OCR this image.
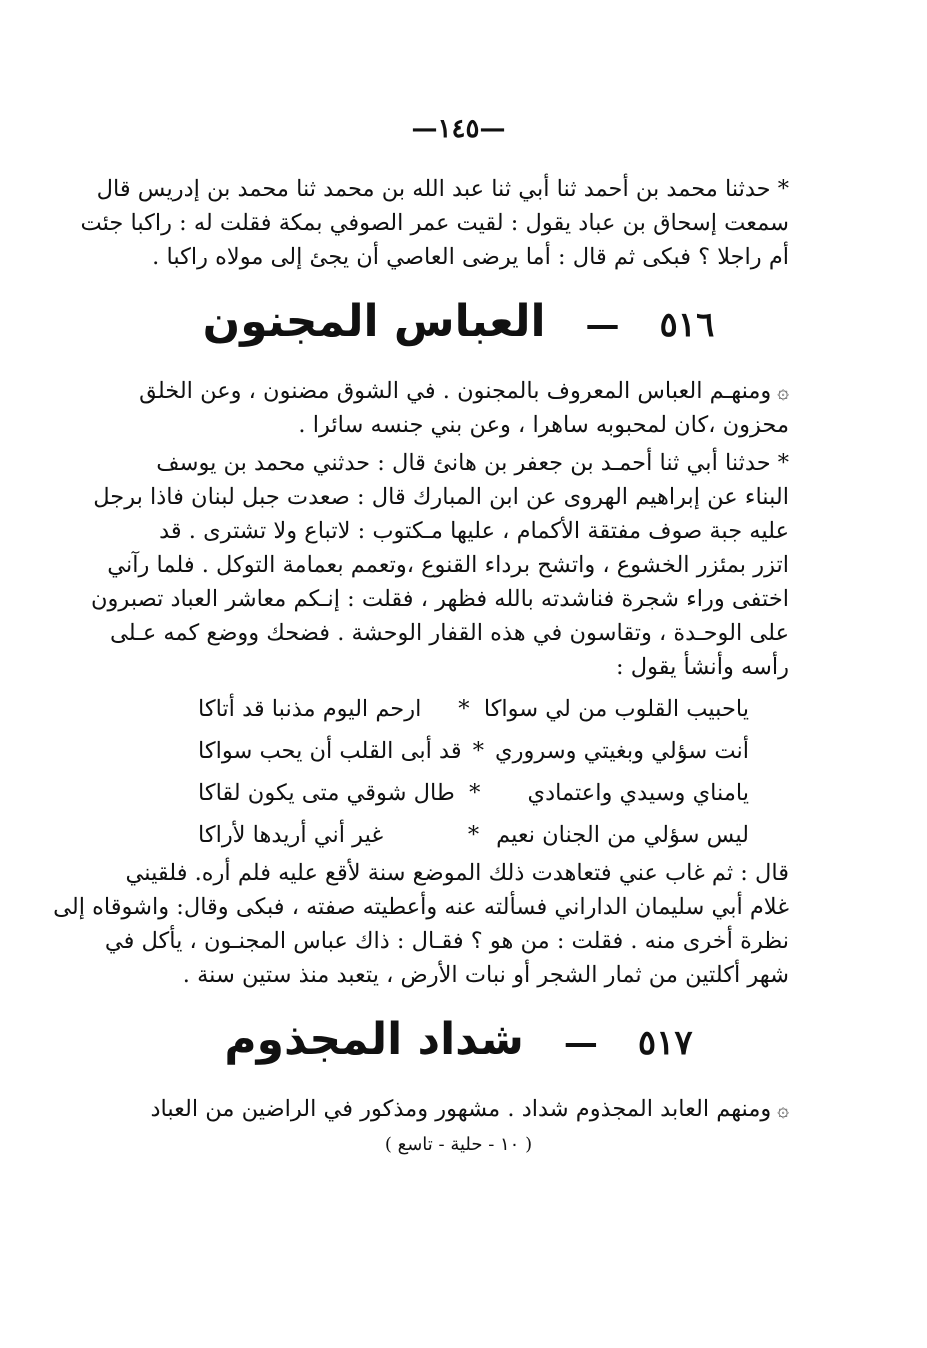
—١٤٥—

* حدثنا محمد بن أحمد ثنا أبي ثنا عبد الله بن محمد ثنا محمد بن إدريس قال

سمعت إسحاق بن عباد يقول : لقيت عمر الصوفي بمكة فقلت له : راكبا جئت

أم راجلا ؟ فبكى ثم قال : أما يرضى العاصي أن يجئ إلى مولاه راكبا .

٥١٦
—
العباس المجنون

۞ومنهـم العباس المعروف بالمجنون . في الشوق مضنون ، وعن الخلق

محزون ،كان لمحبوبه ساهرا ، وعن بني جنسه سائرا .

* حدثنا أبي ثنا أحمـد بن جعفر بن هانئ قال : حدثني محمد بن يوسف

البناء عن إبراهيم الهروى عن ابن المبارك قال : صعدت جبل لبنان فاذا برجل

عليه جبة صوف مفتقة الأكمام ، عليها مـكتوب : لاتباع ولا تشترى . قد

اتزر بمئزر الخشوع ، واتشح برداء القنوع ،وتعمم بعمامة التوكل . فلما رآني

اختفى وراء شجرة فناشدته بالله فظهر ، فقلت : إنـكم معاشر العباد تصبرون

على الوحـدة ، وتقاسون في هذه القفار الوحشة . فضحك ووضع كمه عـلى

رأسه وأنشأ يقول :

ياحبيب القلوب من لي سواكا
*
ارحم اليوم مذنبا قد أتاكا
أنت سؤلي وبغيتي وسروري
*
قد أبى القلب أن يحب سواكا
يامناي وسيدي واعتمادي
*
طال شوقي متى يكون لقاكا
ليس سؤلي من الجنان نعيم
*
غير أني أريدها لأراكا

قال : ثم غاب عني فتعاهدت ذلك الموضع سنة لأقع عليه فلم أره. فلقيني

غلام أبي سليمان الداراني فسألته عنه وأعطيته صفته ، فبكى وقال: واشوقاه إلى

نظرة أخرى منه . فقلت : من هو ؟ فقـال : ذاك عباس المجنـون ، يأكل في

شهر أكلتين من ثمار الشجر أو نبات الأرض ، يتعبد منذ ستين سنة .

٥١٧
—
شداد المجذوم

۞ومنهم العابد المجذوم شداد . مشهور ومذكور في الراضين من العباد

( ١٠ - حلية - تاسع )
